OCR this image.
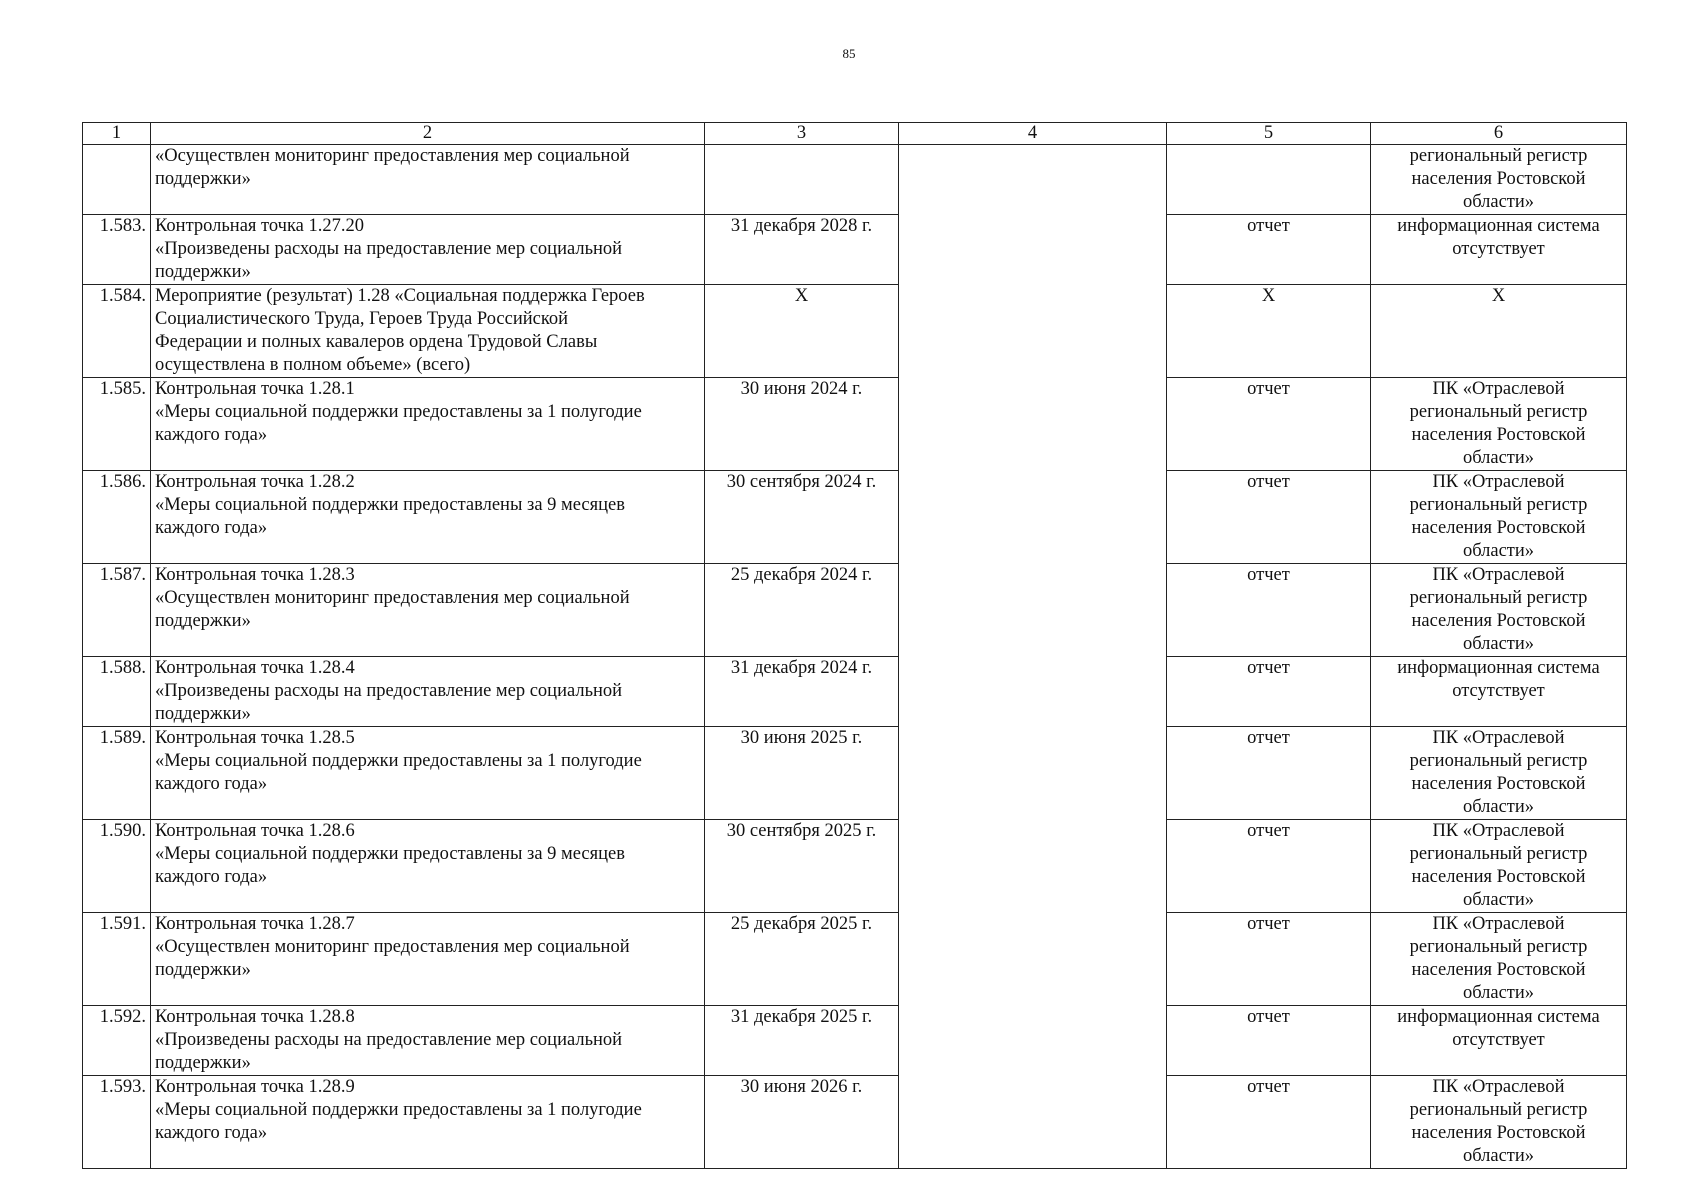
85
1	2	3	4	5	6

	«Осуществлен мониторинг предоставления мер социальной
поддержки»				региональный регистр
населения Ростовской
области»

1.583.	Контрольная точка 1.27.20
«Произведены расходы на предоставление мер социальной
поддержки»	31 декабря 2028 г.		отчет	информационная система
отсутствует

1.584.	Мероприятие (результат) 1.28 «Социальная поддержка Героев
Социалистического Труда, Героев Труда Российской
Федерации и полных кавалеров ордена Трудовой Славы
осуществлена в полном объеме» (всего)	Х		Х	Х

1.585.	Контрольная точка 1.28.1
«Меры социальной поддержки предоставлены за 1 полугодие
каждого года»	30 июня 2024 г.		отчет	ПК «Отраслевой
региональный регистр
населения Ростовской
области»

1.586.	Контрольная точка 1.28.2
«Меры социальной поддержки предоставлены за 9 месяцев
каждого года»	30 сентября 2024 г.		отчет	ПК «Отраслевой
региональный регистр
населения Ростовской
области»

1.587.	Контрольная точка 1.28.3
«Осуществлен мониторинг предоставления мер социальной
поддержки»	25 декабря 2024 г.		отчет	ПК «Отраслевой
региональный регистр
населения Ростовской
области»

1.588.	Контрольная точка 1.28.4
«Произведены расходы на предоставление мер социальной
поддержки»	31 декабря 2024 г.		отчет	информационная система
отсутствует

1.589.	Контрольная точка 1.28.5
«Меры социальной поддержки предоставлены за 1 полугодие
каждого года»	30 июня 2025 г.		отчет	ПК «Отраслевой
региональный регистр
населения Ростовской
области»

1.590.	Контрольная точка 1.28.6
«Меры социальной поддержки предоставлены за 9 месяцев
каждого года»	30 сентября 2025 г.		отчет	ПК «Отраслевой
региональный регистр
населения Ростовской
области»

1.591.	Контрольная точка 1.28.7
«Осуществлен мониторинг предоставления мер социальной
поддержки»	25 декабря 2025 г.		отчет	ПК «Отраслевой
региональный регистр
населения Ростовской
области»

1.592.	Контрольная точка 1.28.8
«Произведены расходы на предоставление мер социальной
поддержки»	31 декабря 2025 г.		отчет	информационная система
отсутствует

1.593.	Контрольная точка 1.28.9
«Меры социальной поддержки предоставлены за 1 полугодие
каждого года»	30 июня 2026 г.		отчет	ПК «Отраслевой
региональный регистр
населения Ростовской
области»
